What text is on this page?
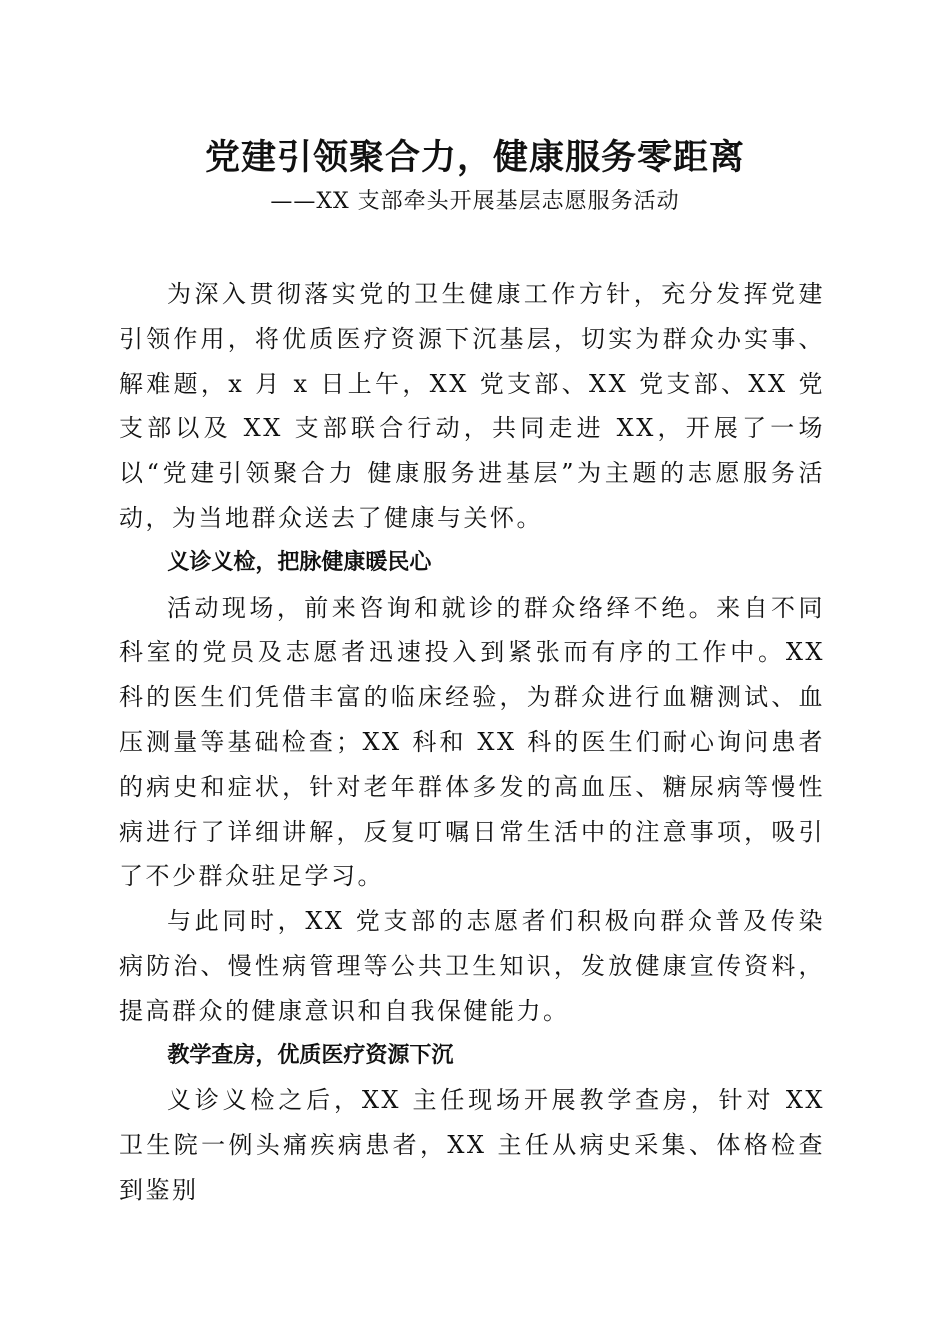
党建引领聚合力，健康服务零距离
——XX 支部牵头开展基层志愿服务活动

为深入贯彻落实党的卫生健康工作方针，充分发挥党建引领作用，将优质医疗资源下沉基层，切实为群众办实事、解难题，x 月 x 日上午，XX 党支部、XX 党支部、XX 党支部以及 XX 支部联合行动，共同走进 XX，开展了一场以“党建引领聚合力 健康服务进基层”为主题的志愿服务活动，为当地群众送去了健康与关怀。

义诊义检，把脉健康暖民心

活动现场，前来咨询和就诊的群众络绎不绝。来自不同科室的党员及志愿者迅速投入到紧张而有序的工作中。XX 科的医生们凭借丰富的临床经验，为群众进行血糖测试、血压测量等基础检查；XX 科和 XX 科的医生们耐心询问患者的病史和症状，针对老年群体多发的高血压、糖尿病等慢性病进行了详细讲解，反复叮嘱日常生活中的注意事项，吸引了不少群众驻足学习。

与此同时，XX 党支部的志愿者们积极向群众普及传染病防治、慢性病管理等公共卫生知识，发放健康宣传资料，提高群众的健康意识和自我保健能力。

教学查房，优质医疗资源下沉

义诊义检之后，XX 主任现场开展教学查房，针对 XX 卫生院一例头痛疾病患者，XX 主任从病史采集、体格检查到鉴别
